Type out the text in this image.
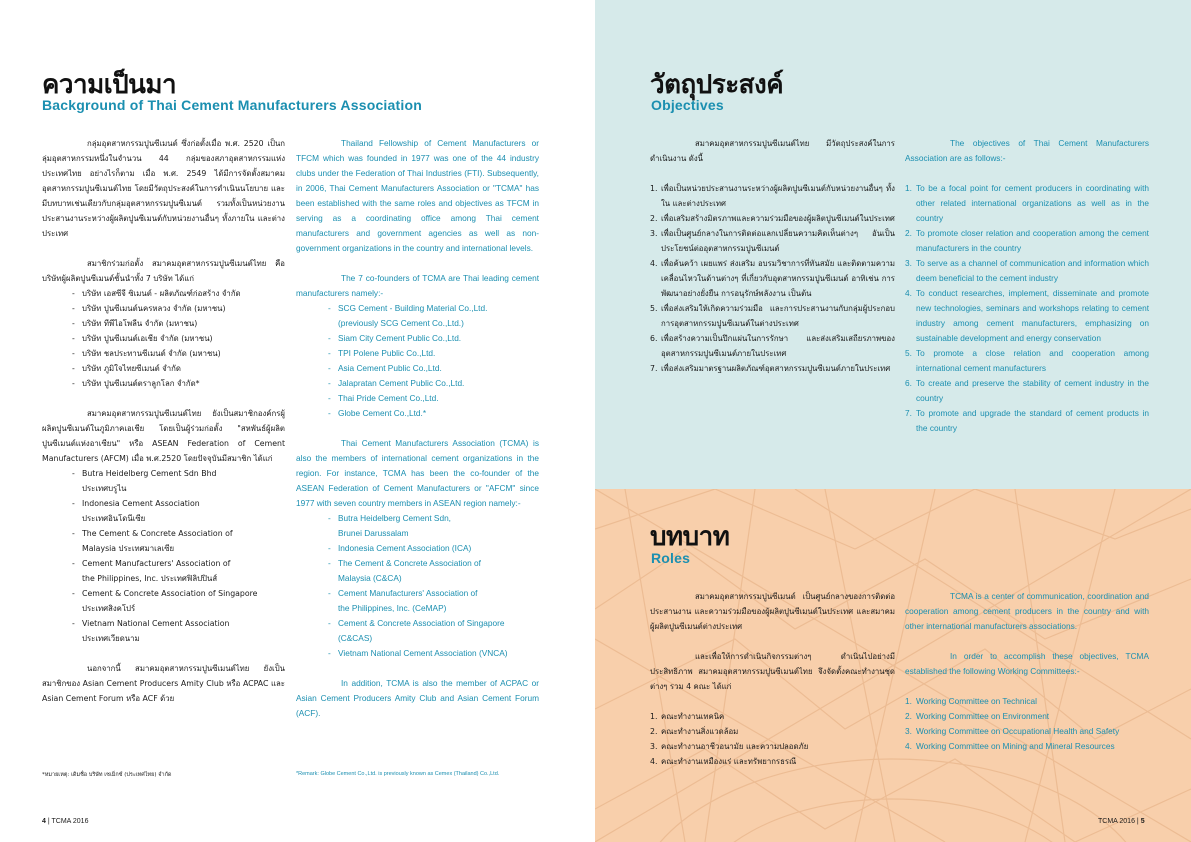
ความเป็นมา
Background of Thai Cement Manufacturers Association

กลุ่มอุตสาหกรรมปูนซีเมนต์ ซึ่งก่อตั้งเมื่อ พ.ศ. 2520 เป็นกลุ่มอุตสาหกรรมหนึ่งในจำนวน 44 กลุ่มของสภาอุตสาหกรรมแห่งประเทศไทย อย่างไรก็ตาม เมื่อ พ.ศ. 2549 ได้มีการจัดตั้งสมาคมอุตสาหกรรมปูนซีเมนต์ไทย โดยมีวัตถุประสงค์ในการดำเนินนโยบาย และมีบทบาทเช่นเดียวกับกลุ่มอุตสาหกรรมปูนซีเมนต์ รวมทั้งเป็นหน่วยงานประสานงานระหว่างผู้ผลิตปูนซีเมนต์กับหน่วยงานอื่นๆ ทั้งภายใน และต่างประเทศ

สมาชิกร่วมก่อตั้ง สมาคมอุตสาหกรรมปูนซีเมนต์ไทย คือ บริษัทผู้ผลิตปูนซีเมนต์ชั้นนำทั้ง 7 บริษัท ได้แก่

- บริษัท เอสซีจี ซิเมนต์ - ผลิตภัณฑ์ก่อสร้าง จำกัด
- บริษัท ปูนซีเมนต์นครหลวง จำกัด (มหาชน)
- บริษัท ทีพีไอโพลีน จำกัด (มหาชน)
- บริษัท ปูนซีเมนต์เอเชีย จำกัด (มหาชน)
- บริษัท ชลประทานซีเมนต์ จำกัด (มหาชน)
- บริษัท ภูมิใจไทยซีเมนต์ จำกัด
- บริษัท ปูนซีเมนต์ตราลูกโลก จำกัด*

สมาคมอุตสาหกรรมปูนซีเมนต์ไทย ยังเป็นสมาชิกองค์กรผู้ผลิตปูนซีเมนต์ในภูมิภาคเอเชีย โดยเป็นผู้ร่วมก่อตั้ง "สหพันธ์ผู้ผลิตปูนซีเมนต์แห่งอาเซียน" หรือ ASEAN Federation of Cement Manufacturers (AFCM) เมื่อ พ.ศ.2520 โดยปัจจุบันมีสมาชิก ได้แก่

- Butra Heidelberg Cement Sdn Bhd
ประเทศบรูไน
- Indonesia Cement Association
ประเทศอินโดนีเซีย
- The Cement & Concrete Association of
Malaysia ประเทศมาเลเซีย
- Cement Manufacturers' Association of
the Philippines, Inc. ประเทศฟิลิปปินส์
- Cement & Concrete Association of Singapore
ประเทศสิงคโปร์
- Vietnam National Cement Association
ประเทศเวียดนาม

นอกจากนี้ สมาคมอุตสาหกรรมปูนซีเมนต์ไทย ยังเป็นสมาชิกของ Asian Cement Producers Amity Club หรือ ACPAC และ Asian Cement Forum หรือ ACF ด้วย

*หมายเหตุ: เดิมชื่อ บริษัท เซเม็กซ์ (ประเทศไทย) จำกัด

Thailand Fellowship of Cement Manufacturers or TFCM which was founded in 1977 was one of the 44 industry clubs under the Federation of Thai Industries (FTI). Subsequently, in 2006, Thai Cement Manufacturers Association or "TCMA" has been established with the same roles and objectives as TFCM in serving as a coordinating office among Thai cement manufacturers and government agencies as well as non-government organizations in the country and international levels.

The 7 co-founders of TCMA are Thai leading cement manufacturers namely:-

- SCG Cement - Building Material Co.,Ltd.
(previously SCG Cement Co.,Ltd.)
- Siam City Cement Public Co.,Ltd.
- TPI Polene Public Co.,Ltd.
- Asia Cement Public Co.,Ltd.
- Jalapratan Cement Public Co.,Ltd.
- Thai Pride Cement Co.,Ltd.
- Globe Cement Co.,Ltd.*

Thai Cement Manufacturers Association (TCMA) is also the members of international cement organizations in the region. For instance, TCMA has been the co-founder of the ASEAN Federation of Cement Manufacturers or "AFCM" since 1977 with seven country members in ASEAN region namely:-

- Butra Heidelberg Cement Sdn,
Brunei Darussalam
- Indonesia Cement Association (ICA)
- The Cement & Concrete Association of
Malaysia (C&CA)
- Cement Manufacturers' Association of
the Philippines, Inc. (CeMAP)
- Cement & Concrete Association of Singapore
(C&CAS)
- Vietnam National Cement Association (VNCA)

In addition, TCMA is also the member of ACPAC or Asian Cement Producers Amity Club and Asian Cement Forum (ACF).

*Remark: Globe Cement Co.,Ltd. is previously known as Cemex (Thailand) Co.,Ltd.
4 | TCMA 2016
วัตถุประสงค์
Objectives

สมาคมอุตสาหกรรมปูนซีเมนต์ไทย มีวัตถุประสงค์ในการดำเนินงาน ดังนี้

1. เพื่อเป็นหน่วยประสานงานระหว่างผู้ผลิตปูนซีเมนต์กับหน่วยงานอื่นๆ ทั้งใน และต่างประเทศ
2. เพื่อเสริมสร้างมิตรภาพและความร่วมมือของผู้ผลิตปูนซีเมนต์ในประเทศ
3. เพื่อเป็นศูนย์กลางในการติดต่อแลกเปลี่ยนความคิดเห็นต่างๆ อันเป็นประโยชน์ต่ออุตสาหกรรมปูนซีเมนต์
4. เพื่อค้นคว้า เผยแพร่ ส่งเสริม อบรมวิชาการที่ทันสมัย และติดตามความเคลื่อนไหวในด้านต่างๆ ที่เกี่ยวกับอุตสาหกรรมปูนซีเมนต์ อาทิเช่น การพัฒนาอย่างยั่งยืน การอนุรักษ์พลังงาน เป็นต้น
5. เพื่อส่งเสริมให้เกิดความร่วมมือ และการประสานงานกับกลุ่มผู้ประกอบการอุตสาหกรรมปูนซีเมนต์ในต่างประเทศ
6. เพื่อสร้างความเป็นปึกแผ่นในการรักษา และส่งเสริมเสถียรภาพของอุตสาหกรรมปูนซีเมนต์ภายในประเทศ
7. เพื่อส่งเสริมมาตรฐานผลิตภัณฑ์อุตสาหกรรมปูนซีเมนต์ภายในประเทศ

The objectives of Thai Cement Manufacturers Association are as follows:-

1. To be a focal point for cement producers in coordinating with other related international organizations as well as in the country
2. To promote closer relation and cooperation among the cement manufacturers in the country
3. To serve as a channel of communication and information which deem beneficial to the cement industry
4. To conduct researches, implement, disseminate and promote new technologies, seminars and workshops relating to cement industry among cement manufacturers, emphasizing on sustainable development and energy conservation
5. To promote a close relation and cooperation among international cement manufacturers
6. To create and preserve the stability of cement industry in the country
7. To promote and upgrade the standard of cement products in the country
บทบาท
Roles

สมาคมอุตสาหกรรมปูนซีเมนต์ เป็นศูนย์กลางของการติดต่อประสานงาน และความร่วมมือของผู้ผลิตปูนซีเมนต์ในประเทศ และสมาคมผู้ผลิตปูนซีเมนต์ต่างประเทศ

และเพื่อให้การดำเนินกิจกรรมต่างๆ ดำเนินไปอย่างมีประสิทธิภาพ สมาคมอุตสาหกรรมปูนซีเมนต์ไทย จึงจัดตั้งคณะทำงานชุดต่างๆ รวม 4 คณะ ได้แก่

1. คณะทำงานเทคนิค
2. คณะทำงานสิ่งแวดล้อม
3. คณะทำงานอาชีวอนามัย และความปลอดภัย
4. คณะทำงานเหมืองแร่ และทรัพยากรธรณี

TCMA is a center of communication, coordination and cooperation among cement producers in the country and with other international manufacturers associations.

In order to accomplish these objectives, TCMA established the following Working Committees:-

1. Working Committee on Technical
2. Working Committee on Environment
3. Working Committee on Occupational Health and Safety
4. Working Committee on Mining and Mineral Resources
TCMA 2016 | 5
